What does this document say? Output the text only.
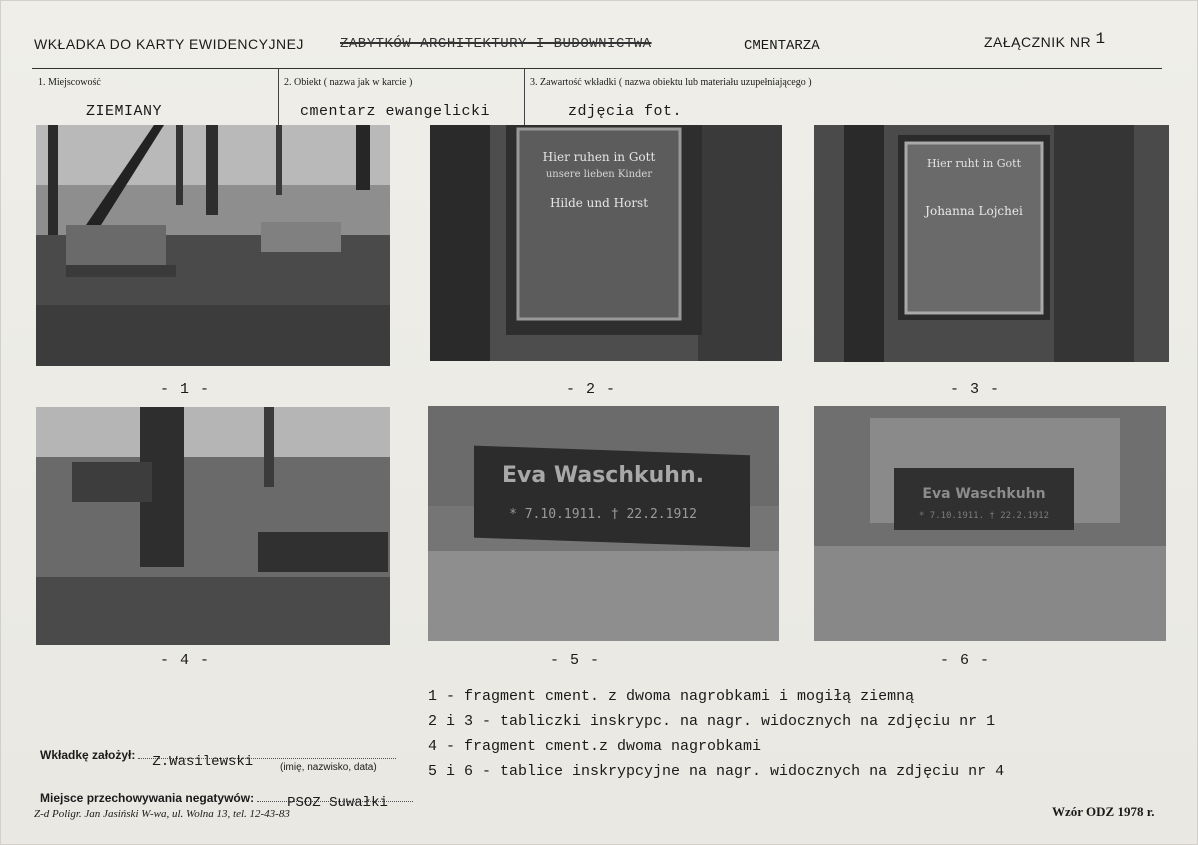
WKŁADKA DO KARTY EWIDENCYJNEJ	ZABYTKÓW ARCHITEKTURY I BUDOWNICTWA	CMENTARZA	ZAŁĄCZNIK NR 1
1. Miejscowość
ZIEMIANY
2. Obiekt ( nazwa jak w karcie )
cmentarz ewangelicki
3. Zawartość wkładki ( nazwa obiektu lub materiału uzupełniającego )
zdjęcia fot.
Hier ruhen in Gott
unsere lieben Kinder
Hilde und Horst
Hier ruht in Gott
Johanna Lojchei
- 1 -	- 2 -	- 3 -
Eva Waschkuhn.
* 7.10.1911. † 22.2.1912
Eva Waschkuhn
* 7.10.1911. † 22.2.1912
- 4 -	- 5 -	- 6 -
1 - fragment cment. z dwoma nagrobkami i mogiłą ziemną
2 i 3 - tabliczki inskrypc. na nagr. widocznych na zdjęciu nr 1
4 - fragment cment.z dwoma nagrobkami
5 i 6 - tablice inskrypcyjne na nagr. widocznych na zdjęciu nr 4
Wkładkę założył: Z.Wasilewski	(imię, nazwisko, data)
Miejsce przechowywania negatywów: PSOZ Suwałki
Z-d Poligr. Jan Jasiński W-wa, ul. Wolna 13, tel. 12-43-83	Wzór ODZ 1978 r.
